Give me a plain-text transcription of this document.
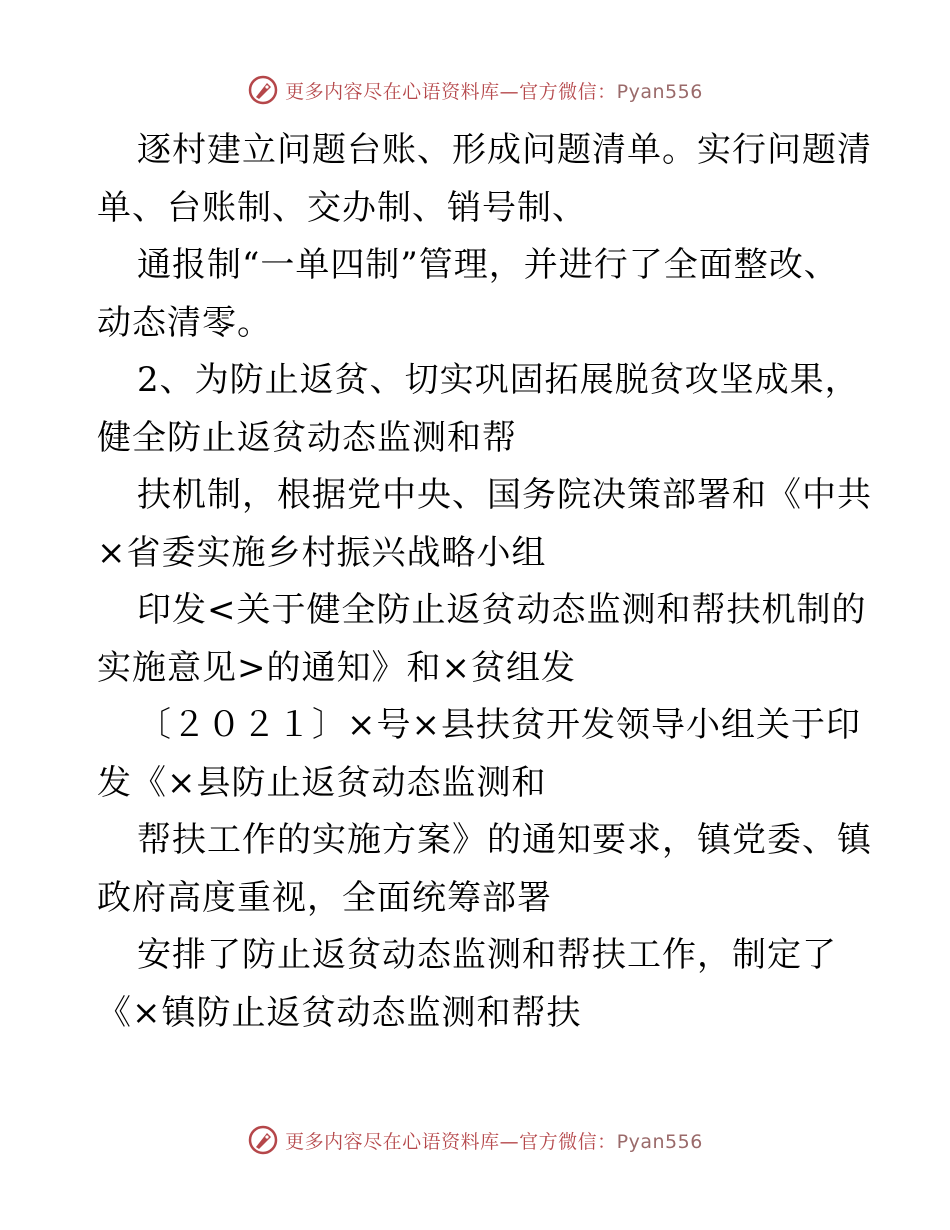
更多内容尽在心语资料库—官方微信：Pyan556
逐村建立问题台账、形成问题清单。实行问题清
单、台账制、交办制、销号制、
通报制“一单四制”管理，并进行了全面整改、
动态清零。
2、为防止返贫、切实巩固拓展脱贫攻坚成果，
健全防止返贫动态监测和帮
扶机制，根据党中央、国务院决策部署和《中共
×省委实施乡村振兴战略小组
印发<关于健全防止返贫动态监测和帮扶机制的
实施意见>的通知》和×贫组发
〔２０２１〕×号×县扶贫开发领导小组关于印
发《×县防止返贫动态监测和
帮扶工作的实施方案》的通知要求，镇党委、镇
政府高度重视，全面统筹部署
安排了防止返贫动态监测和帮扶工作，制定了
《×镇防止返贫动态监测和帮扶
更多内容尽在心语资料库—官方微信：Pyan556
